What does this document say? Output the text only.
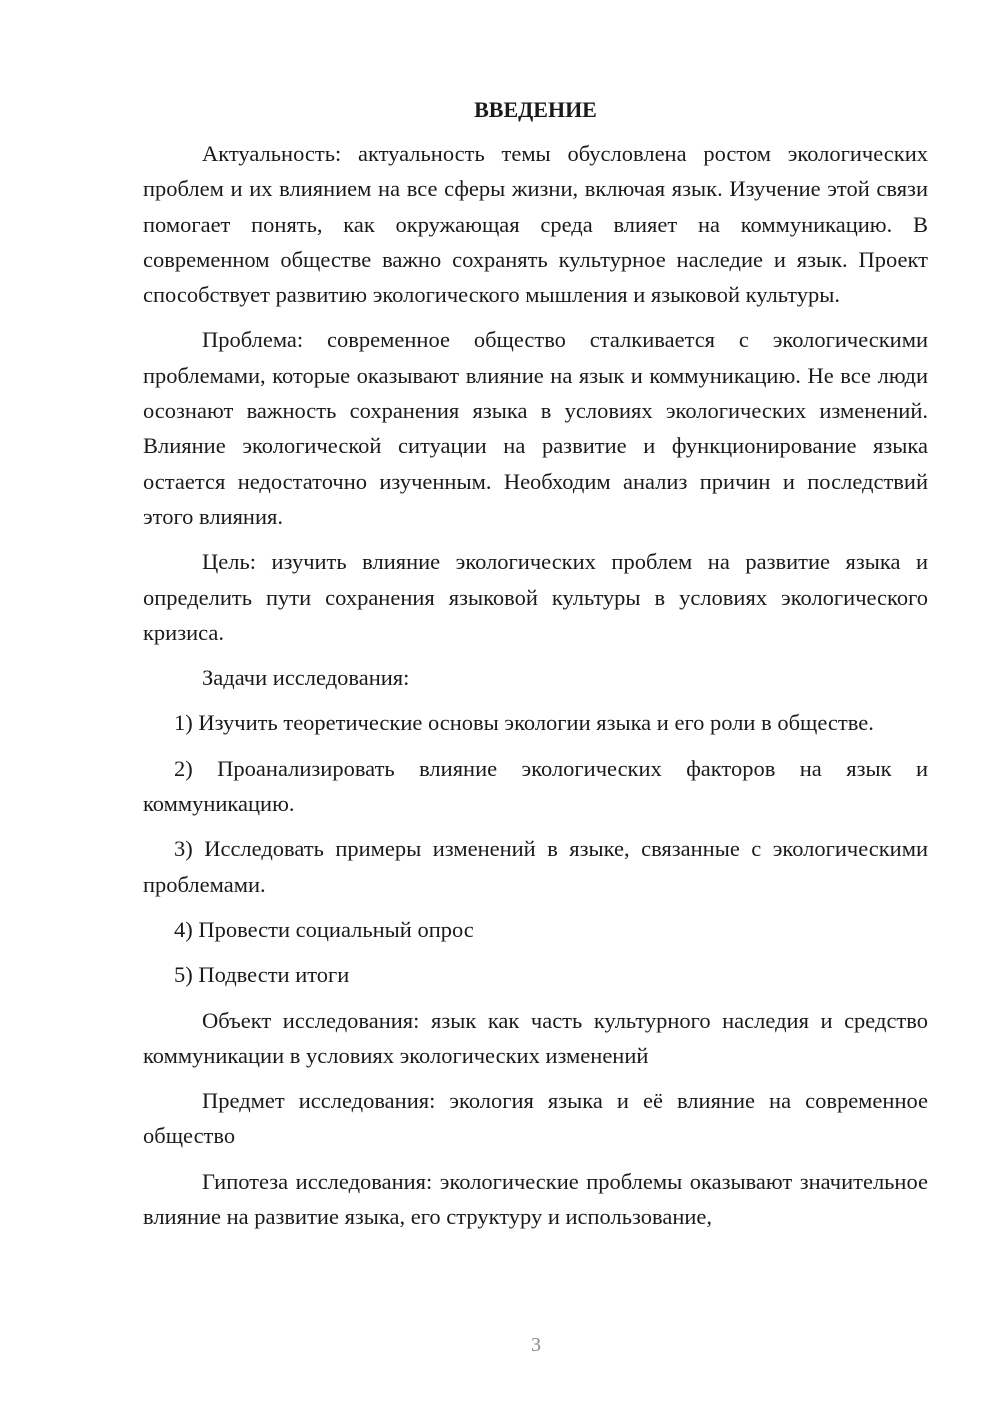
ВВЕДЕНИЕ

Актуальность: актуальность темы обусловлена ростом экологических проблем и их влиянием на все сферы жизни, включая язык. Изучение этой связи помогает понять, как окружающая среда влияет на коммуникацию. В современном обществе важно сохранять культурное наследие и язык. Проект способствует развитию экологического мышления и языковой культуры.

Проблема: современное общество сталкивается с экологическими проблемами, которые оказывают влияние на язык и коммуникацию. Не все люди осознают важность сохранения языка в условиях экологических изменений. Влияние экологической ситуации на развитие и функционирование языка остается недостаточно изученным. Необходим анализ причин и последствий этого влияния.

Цель: изучить влияние экологических проблем на развитие языка и определить пути сохранения языковой культуры в условиях экологического кризиса.

Задачи исследования:

1) Изучить теоретические основы экологии языка и его роли в обществе.

2) Проанализировать влияние экологических факторов на язык и коммуникацию.

3) Исследовать примеры изменений в языке, связанные с экологическими проблемами.

4) Провести социальный опрос

5) Подвести итоги

Объект исследования: язык как часть культурного наследия и средство коммуникации в условиях экологических изменений

Предмет исследования: экология языка и её влияние на современное общество

Гипотеза исследования: экологические проблемы оказывают значительное влияние на развитие языка, его структуру и использование,

3
